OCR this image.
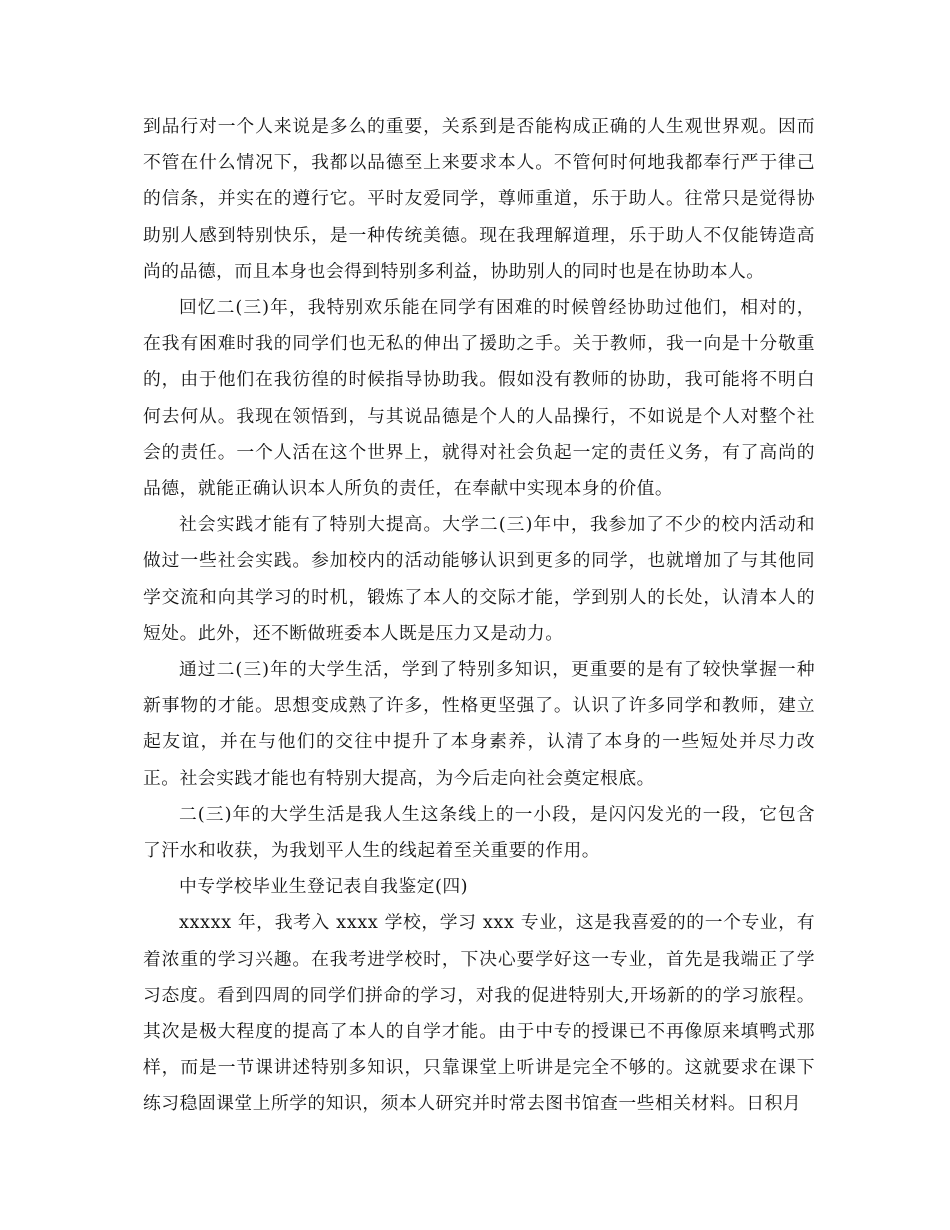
到品行对一个人来说是多么的重要，关系到是否能构成正确的人生观世界观。因而不管在什么情况下，我都以品德至上来要求本人。不管何时何地我都奉行严于律己的信条，并实在的遵行它。平时友爱同学，尊师重道，乐于助人。往常只是觉得协助别人感到特别快乐，是一种传统美德。现在我理解道理，乐于助人不仅能铸造高尚的品德，而且本身也会得到特别多利益，协助别人的同时也是在协助本人。

回忆二(三)年，我特别欢乐能在同学有困难的时候曾经协助过他们，相对的，在我有困难时我的同学们也无私的伸出了援助之手。关于教师，我一向是十分敬重的，由于他们在我彷徨的时候指导协助我。假如没有教师的协助，我可能将不明白何去何从。我现在领悟到，与其说品德是个人的人品操行，不如说是个人对整个社会的责任。一个人活在这个世界上，就得对社会负起一定的责任义务，有了高尚的品德，就能正确认识本人所负的责任，在奉献中实现本身的价值。

社会实践才能有了特别大提高。大学二(三)年中，我参加了不少的校内活动和做过一些社会实践。参加校内的活动能够认识到更多的同学，也就增加了与其他同学交流和向其学习的时机，锻炼了本人的交际才能，学到别人的长处，认清本人的短处。此外，还不断做班委本人既是压力又是动力。

通过二(三)年的大学生活，学到了特别多知识，更重要的是有了较快掌握一种新事物的才能。思想变成熟了许多，性格更坚强了。认识了许多同学和教师，建立起友谊，并在与他们的交往中提升了本身素养，认清了本身的一些短处并尽力改正。社会实践才能也有特别大提高，为今后走向社会奠定根底。

二(三)年的大学生活是我人生这条线上的一小段，是闪闪发光的一段，它包含了汗水和收获，为我划平人生的线起着至关重要的作用。

中专学校毕业生登记表自我鉴定(四)

xxxxx 年，我考入 xxxx 学校，学习 xxx 专业，这是我喜爱的的一个专业，有着浓重的学习兴趣。在我考进学校时，下决心要学好这一专业，首先是我端正了学习态度。看到四周的同学们拼命的学习，对我的促进特别大,开场新的的学习旅程。其次是极大程度的提高了本人的自学才能。由于中专的授课已不再像原来填鸭式那样，而是一节课讲述特别多知识，只靠课堂上听讲是完全不够的。这就要求在课下练习稳固课堂上所学的知识，须本人研究并时常去图书馆查一些相关材料。日积月
